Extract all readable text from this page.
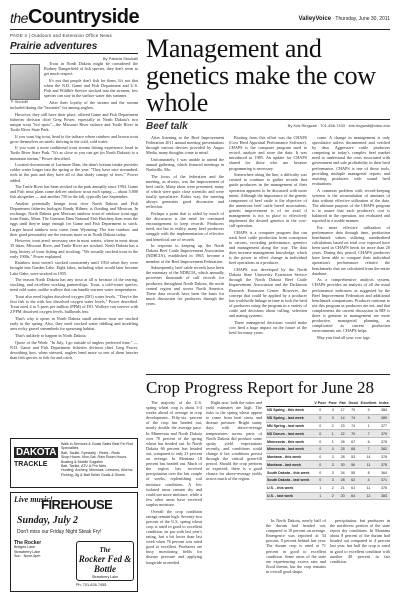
theCountryside	ValleyVoice · Thursday, June 30, 2011
PAGE 4 | Outdoors and Extension Office News
Prairie adventures
By Patricia Stockdill
P. Stockdill

Trout in North Dakota might be considered the Rodney Dangerfield of fish species, they don't seem to get much respect.

It's not that people don't fish for them. It's not that when the N.D. Game and Fish Department and U.S. Fish and Wildlife Service stocked into the streams, few species can stay in the surface water this summer.

After their loyalty of the stream and the stream included during the "boomies" for among anglers.

However, they still have their place, offered Game and Fish Department fisheries division chief Greg Power, especially in North Dakota's two unique trout "hot spots"—the Missouri River tailrace and Turtle River in Turtle River State Park.

If you want big trout, head to the tailrace where rainbow and brown trout grow themselves on smelt, thriving in the cold, cold water.

If you want a more traditional trout stream fishing experience, head to Turtle River State Park. "It's as close as you can get (in North Dakota) to a mountain stream," Power described.

Located downstream of Larimore Dam, the dam's bottom intake provides colder water longer into the spring or the year. "They have nice streambed, rock in the past and they have all of that shady canopy of trees," Power added.

The Turtle River has been stocked in the park annually since 1994. Game and Fish trout plans come deliver rainbow trout each spring — about 5,000 fish altogether — and another 750 in the fall, typically late September.

Another potentially benign trout river North Dakota and Fish Department fisheries biologist Randy Hiltner, is flooding and Mexican. In exchange, North Dakota gets Mexican rainbow trout of rainbow trout eggs from Ennis, Mont. The Garrison Dam National Fish Hatchery then rears the eggs until they're large enough for Game and Fish Department to stock. Larger brood rainbow now come from Wyoming. The free rainbow and their good personality are the reasons more so in North Dakota today.

However, trout aren't necessary rare in most waters, where in most about 35 lakes, Missouri River, and Turtle River are stocked. North Dakota has a long history of trout fishing and stocking. "We actually stocked trout in the early 1900s," Power explained.

Rainbow trout weren't stocked consistently until 1954 when they were brought into Garden Lake. Eight lakes, including what would later become Lake Oahe, were stocked in 1955.

The reason North Dakota has any trout at all is because of the rearing, stocking, and excellent working partnerships. Trout, a cold-water species, need cold water, unlike walleye that can handle warmer water temperatures.

Trout also need higher dissolved oxygen (DO) water levels. "They're the first fish to die with low dissolved oxygen water levels," Power described. Trout need 4 to 5 parts per million (PPM) of DO. Walleye can survive with 2 PPM dissolved oxygen levels, bullheads less.

That's why it opens in North Dakota small rainbow trout are stocked early in the spring. Also, they need stocked water riddling and modeling area rocky gravel streambeds for spawning habitat.

That's unlikely to happen in North Dakota.

Quote of the Week: "In July, I go outside of anglers preferred time." — N.D. Game and Fish Department fisheries division chief Greg Power, describing how, when stressed, anglers bend more so one of them heavier than fish species to fish for and catch.

DAKOTA
TRACKLE
Walk in Services & Goals Sales Best Fin Rod Specialties
Bait, Tackle, Specialty - Reels - Rods
Shop Hours: Mon-Sat, Rain Room Hours, Boating & Mobile Supplies
Bait, Tackle, ATV & Pro Nets
Hunting, Archery, Minnows, Leeches, Worms
Fishing, Jig & Bait Seller Goals & Shoes
Live music!
FIREHOUSE
Sunday, July 2
Don't miss our Friday Night Steak Fry!
The Rocker
Bridges Lane
Strawberry Lake
Sun · Noon-6pm
The
Rocker Fed & Bottle
Strawberry Lake
Ph. 701-626-7455
Management and genetics make the cow whole
Beef talk	By Kris Ringwall · 701-456-7433 · kris.ringwall@ndsu.edu

After listening to the Beef Improvement Federation 2011 annual meeting presentations through various devices provided by Angus Media, many thoughts come to mind.

Unfortunately, I was unable to attend the annual gathering, which featured meetings in Nashville, Mo.

The focus of the federation and the meeting, as always, was the improvement of beef cattle. Many ideas were presented, many of which were quite close scientific and were totally speculative. Either way, the meeting always generates good discussion and reflection.

Perhaps a point that is aided by much of the discussion is the need for continued encouragement to keep records. Producers need, not but in reality, many beef producers struggle with the implementation of effective and beneficial use of records.

In response to keeping up, the North Dakota Beef Cattle Improvement Association (NDBCIA), established in 1965, became a member of the Beef Improvement Federation.

Subsequently, beef cattle records have been the mainstay of the NDBCIA, which annually processes thousands of calf records for producers throughout North Dakota, the north central region and across North America. These data records have been the basis for much discussion for producers through the years.

Rooting from this effort was the CHAPS (Cow Herd Appraisal Performance Software). CHAPS is the computer program used to record, analyze and store the data. It was introduced in 1985. An update for CHAPS shared for those who use because programming is necessary.

Somewhere along the line, a difficulty was created to continue to gather records that guide producers in the management of their operation apparent to be discussed with more intent. Although the importance of the genetic component of beef cattle is the objective of the numerous beef cattle breed associations, genetic improvement is of no avail if management is not in place to effectively implement the desired genetics in the cow-calf operation.

CHAPS is a computer program that can track beef cattle production from conception to carcass, recording performance, genetics and management along the way. The data does increase management knowledge, which is the power to effect change in individual beef operations as a producer.

CHAPS was developed by the North Dakota State University Extension Service through the North Dakota Beef Cattle Improvement Association and the Dickinson Research Extension Center. However, the concept that could be applied by a producer has worldwide linkage in time to lock the herd of producers using the program in a variety of cattle and decisions about culling, selection and mating systems.

These managerial decisions would make cow herd a huge impact on the future of the herd for many years.

come. A change in management is only speculative unless documented and verified by data. Aggressive cattle producers competing in today's complex beef market need to understand the costs associated with government and sale profitability in their herd performance. CHAPS is one of those tools, providing multiple managerial reports and assisting producers with sound herd evaluations.

A common problem with record-keeping systems is the accumulation of amounts of data without effective utilization of the data. The ultimate purpose of the CHAPS program is to assure that each producer's cost is balanced in the operation, not evaluated and reported in a usable manner.

For more effective utilization of performance data through time, production benchmark values utilizing standardized calculations based on total cow exposed have been used in CHAPS herds for more than 20 years. During this period, CHAPS producers have been able to compare their individual operation's performance relative the benchmarks that are calculated from the entire database.

As a comprehensive analysis system, CHAPS provides an analysis of all the usual performance indicators as suggested by the Beef Improvement Federation and additional benchmark comparisons. Producer continue to use this program as producers are net, and that complements the current discussion in BIF is there is genuine to management are more productive, managerial planning, as complicated as current production environments are, CHAPS helps.

May you find all your cow tags.

Crop Progress Report for June 28

The majority of the U.S. spring wheat crop is about 3-4 weeks ahead of average in crop development. Fifty-six percent of the crop has headed out, nearly double the average pace. In Minnesota and North Dakota over 70 percent of the spring wheat has headed out. In North Dakota 66 percent has headed out, compared to only 21 percent on average. In Montana 18 percent has headed out. Much of the region has received precipitation over the last couple of weeks, replenishing soil moisture conditions. A few isolated areas remain dry and could use more moisture, while a few other areas have received surplus moisture.

Overall the crop condition ratings remain high. Seventy-two percent of the U.S. spring wheat crop is rated in good to excellent condition, on par with last year's rating, but a bit lower than last week when 76 percent was rated good to excellent. Producers are busy monitoring fields for disease pressure and applying fungicide as needed.

Right now, both the ratios and yield estimates are high. The risks to the spring wheat appear to come from heat stress and disease pressure. Bright sunny days with above-average temperatures across parts of North Dakota did produce some spotty yield expectations recently, and conditions could change if hot conditions persist through the critical grain-fill period. Should the crop perform as expected, there is a good chance for above-average yields across much of the region.

	V Poor	Poor	Fair	Good	Excellent	Index
ND Spring - this week	0	4	17	70	9	384
ND Spring - last week	0	3	14	74	9	389
MN Spring - last week	0	2	23	74	1	377
ND Durum - last week	0	1	22	70	7	379
Minnesota - this week	0	1	26	67	6	378
Minnesota - last week	0	0	25	68	7	382
Montana - this week	0	3	28	53	14	378
Montana - last week	0	3	30	56	11	375
South Dakota - this week	0	3	34	55	8	364
South Dakota - last week	0	3	28	62	4	371
U.S. - this week	1	2	21	61	11	376
U.S. - last week	1	2	20	64	12	383

In North Dakota, nearly half of the durum had headed out, compared to 19 percent on average. Emergence was reported at 34 percent, 8 percent behind last year. The durum crop is rated at 71 percent in good to excellent condition. Some areas of the state are experiencing excess rain and flood threats, but the crop remains in overall good shape.

precipitation, but producers in the northwest portion of the state report dry conditions. In Montana about 8 percent of the durum had headed out compared to 4 percent last year, but half the crop is rated in good to excellent condition with another 40 percent in fair condition.
